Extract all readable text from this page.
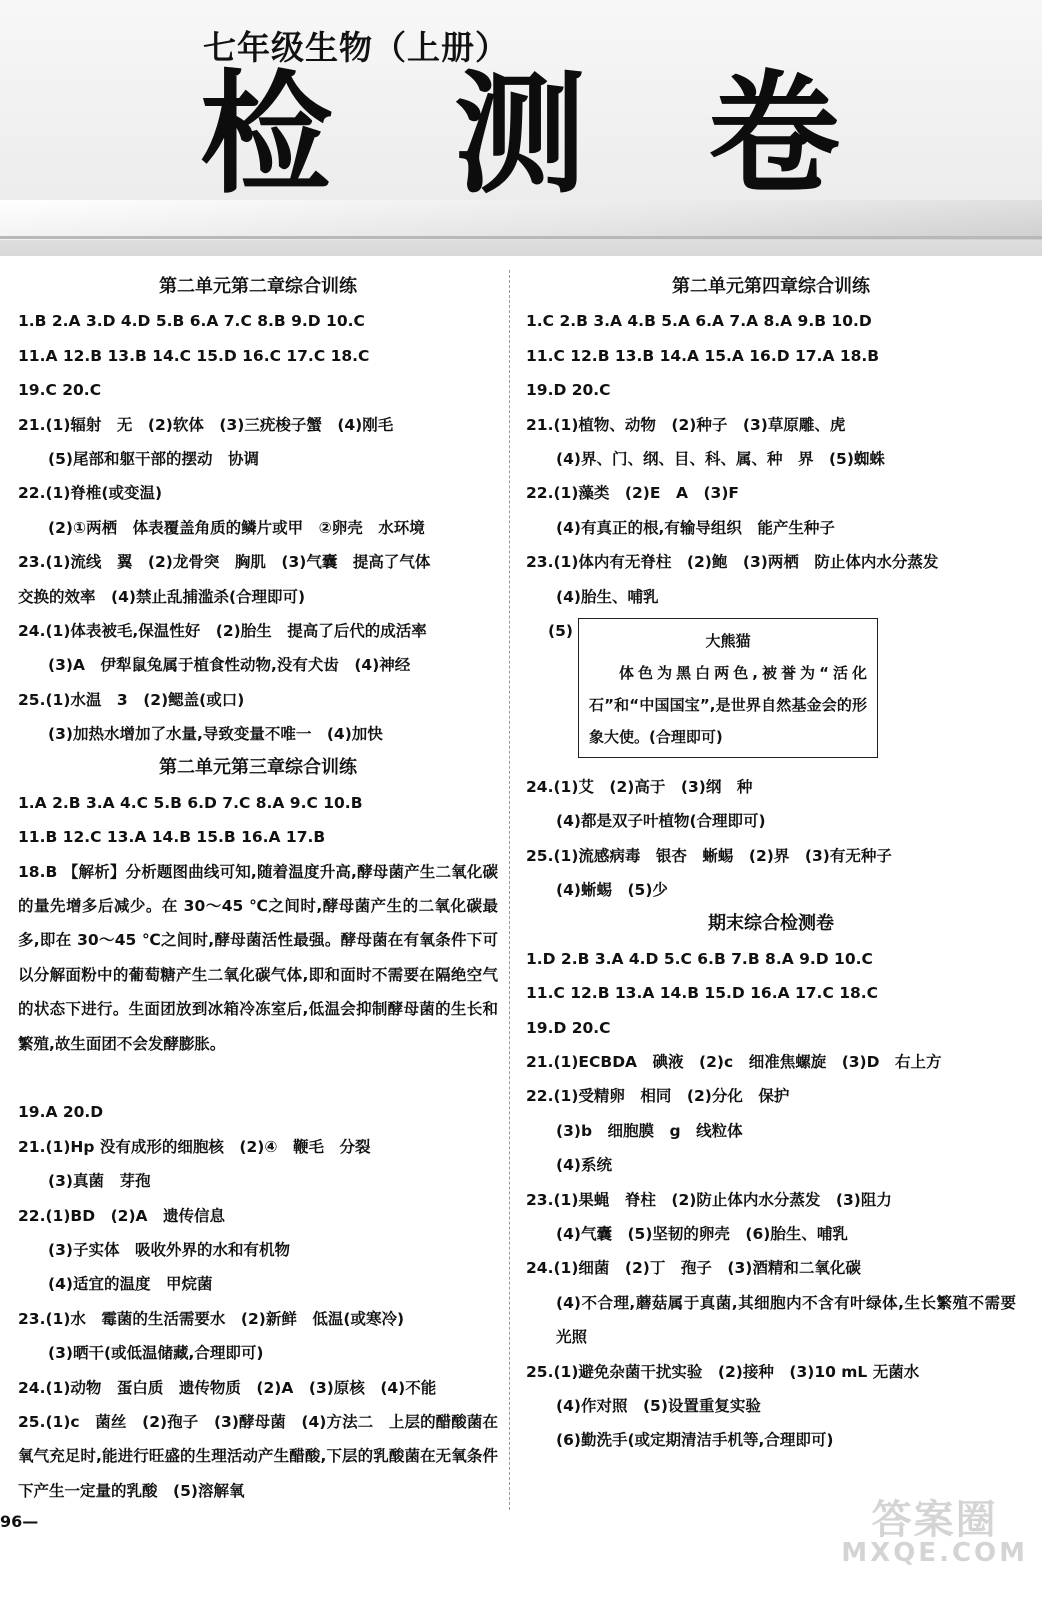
七年级生物（上册）
检 测 卷
第二单元第二章综合训练
1.B 2.A 3.D 4.D 5.B 6.A 7.C 8.B 9.D 10.C
11.A 12.B 13.B 14.C 15.D 16.C 17.C 18.C
19.C 20.C
21.(1)辐射　无　(2)软体　(3)三疣梭子蟹　(4)刚毛
(5)尾部和躯干部的摆动　协调
22.(1)脊椎(或变温)
(2)①两栖　体表覆盖角质的鳞片或甲　②卵壳　水环境
23.(1)流线　翼　(2)龙骨突　胸肌　(3)气囊　提高了气体
交换的效率　(4)禁止乱捕滥杀(合理即可)
24.(1)体表被毛,保温性好　(2)胎生　提高了后代的成活率
(3)A　伊犁鼠兔属于植食性动物,没有犬齿　(4)神经
25.(1)水温　3　(2)鳃盖(或口)
(3)加热水增加了水量,导致变量不唯一　(4)加快
第二单元第三章综合训练
1.A 2.B 3.A 4.C 5.B 6.D 7.C 8.A 9.C 10.B
11.B 12.C 13.A 14.B 15.B 16.A 17.B
18.B 【解析】分析题图曲线可知,随着温度升高,酵母菌产生二氧化碳的量先增多后减少。在 30～45 ℃之间时,酵母菌产生的二氧化碳最多,即在 30～45 ℃之间时,酵母菌活性最强。酵母菌在有氧条件下可以分解面粉中的葡萄糖产生二氧化碳气体,即和面时不需要在隔绝空气的状态下进行。生面团放到冰箱冷冻室后,低温会抑制酵母菌的生长和繁殖,故生面团不会发酵膨胀。
19.A 20.D
21.(1)Hp 没有成形的细胞核　(2)④　鞭毛　分裂
(3)真菌　芽孢
22.(1)BD　(2)A　遗传信息
(3)子实体　吸收外界的水和有机物
(4)适宜的温度　甲烷菌
23.(1)水　霉菌的生活需要水　(2)新鲜　低温(或寒冷)
(3)晒干(或低温储藏,合理即可)
24.(1)动物　蛋白质　遗传物质　(2)A　(3)原核　(4)不能
25.(1)c　菌丝　(2)孢子　(3)酵母菌　(4)方法二　上层的醋酸菌在氧气充足时,能进行旺盛的生理活动产生醋酸,下层的乳酸菌在无氧条件下产生一定量的乳酸　(5)溶解氧
第二单元第四章综合训练
1.C 2.B 3.A 4.B 5.A 6.A 7.A 8.A 9.B 10.D
11.C 12.B 13.B 14.A 15.A 16.D 17.A 18.B
19.D 20.C
21.(1)植物、动物　(2)种子　(3)草原雕、虎
(4)界、门、纲、目、科、属、种　界　(5)蜘蛛
22.(1)藻类　(2)E　A　(3)F
(4)有真正的根,有输导组织　能产生种子
23.(1)体内有无脊柱　(2)鲍　(3)两栖　防止体内水分蒸发
(4)胎生、哺乳
(5)
大熊猫
体色为黑白两色,被誉为“活化石”和“中国国宝”,是世界自然基金会的形象大使。(合理即可)
24.(1)艾　(2)高于　(3)纲　种
(4)都是双子叶植物(合理即可)
25.(1)流感病毒　银杏　蜥蜴　(2)界　(3)有无种子
(4)蜥蜴　(5)少
期末综合检测卷
1.D 2.B 3.A 4.D 5.C 6.B 7.B 8.A 9.D 10.C
11.C 12.B 13.A 14.B 15.D 16.A 17.C 18.C
19.D 20.C
21.(1)ECBDA　碘液　(2)c　细准焦螺旋　(3)D　右上方
22.(1)受精卵　相同　(2)分化　保护
(3)b　细胞膜　g　线粒体
(4)系统
23.(1)果蝇　脊柱　(2)防止体内水分蒸发　(3)阻力
(4)气囊　(5)坚韧的卵壳　(6)胎生、哺乳
24.(1)细菌　(2)丁　孢子　(3)酒精和二氧化碳
(4)不合理,蘑菇属于真菌,其细胞内不含有叶绿体,生长繁殖不需要光照
25.(1)避免杂菌干扰实验　(2)接种　(3)10 mL 无菌水
(4)作对照　(5)设置重复实验
(6)勤洗手(或定期清洁手机等,合理即可)
96—	答案圈
MXQE.COM
